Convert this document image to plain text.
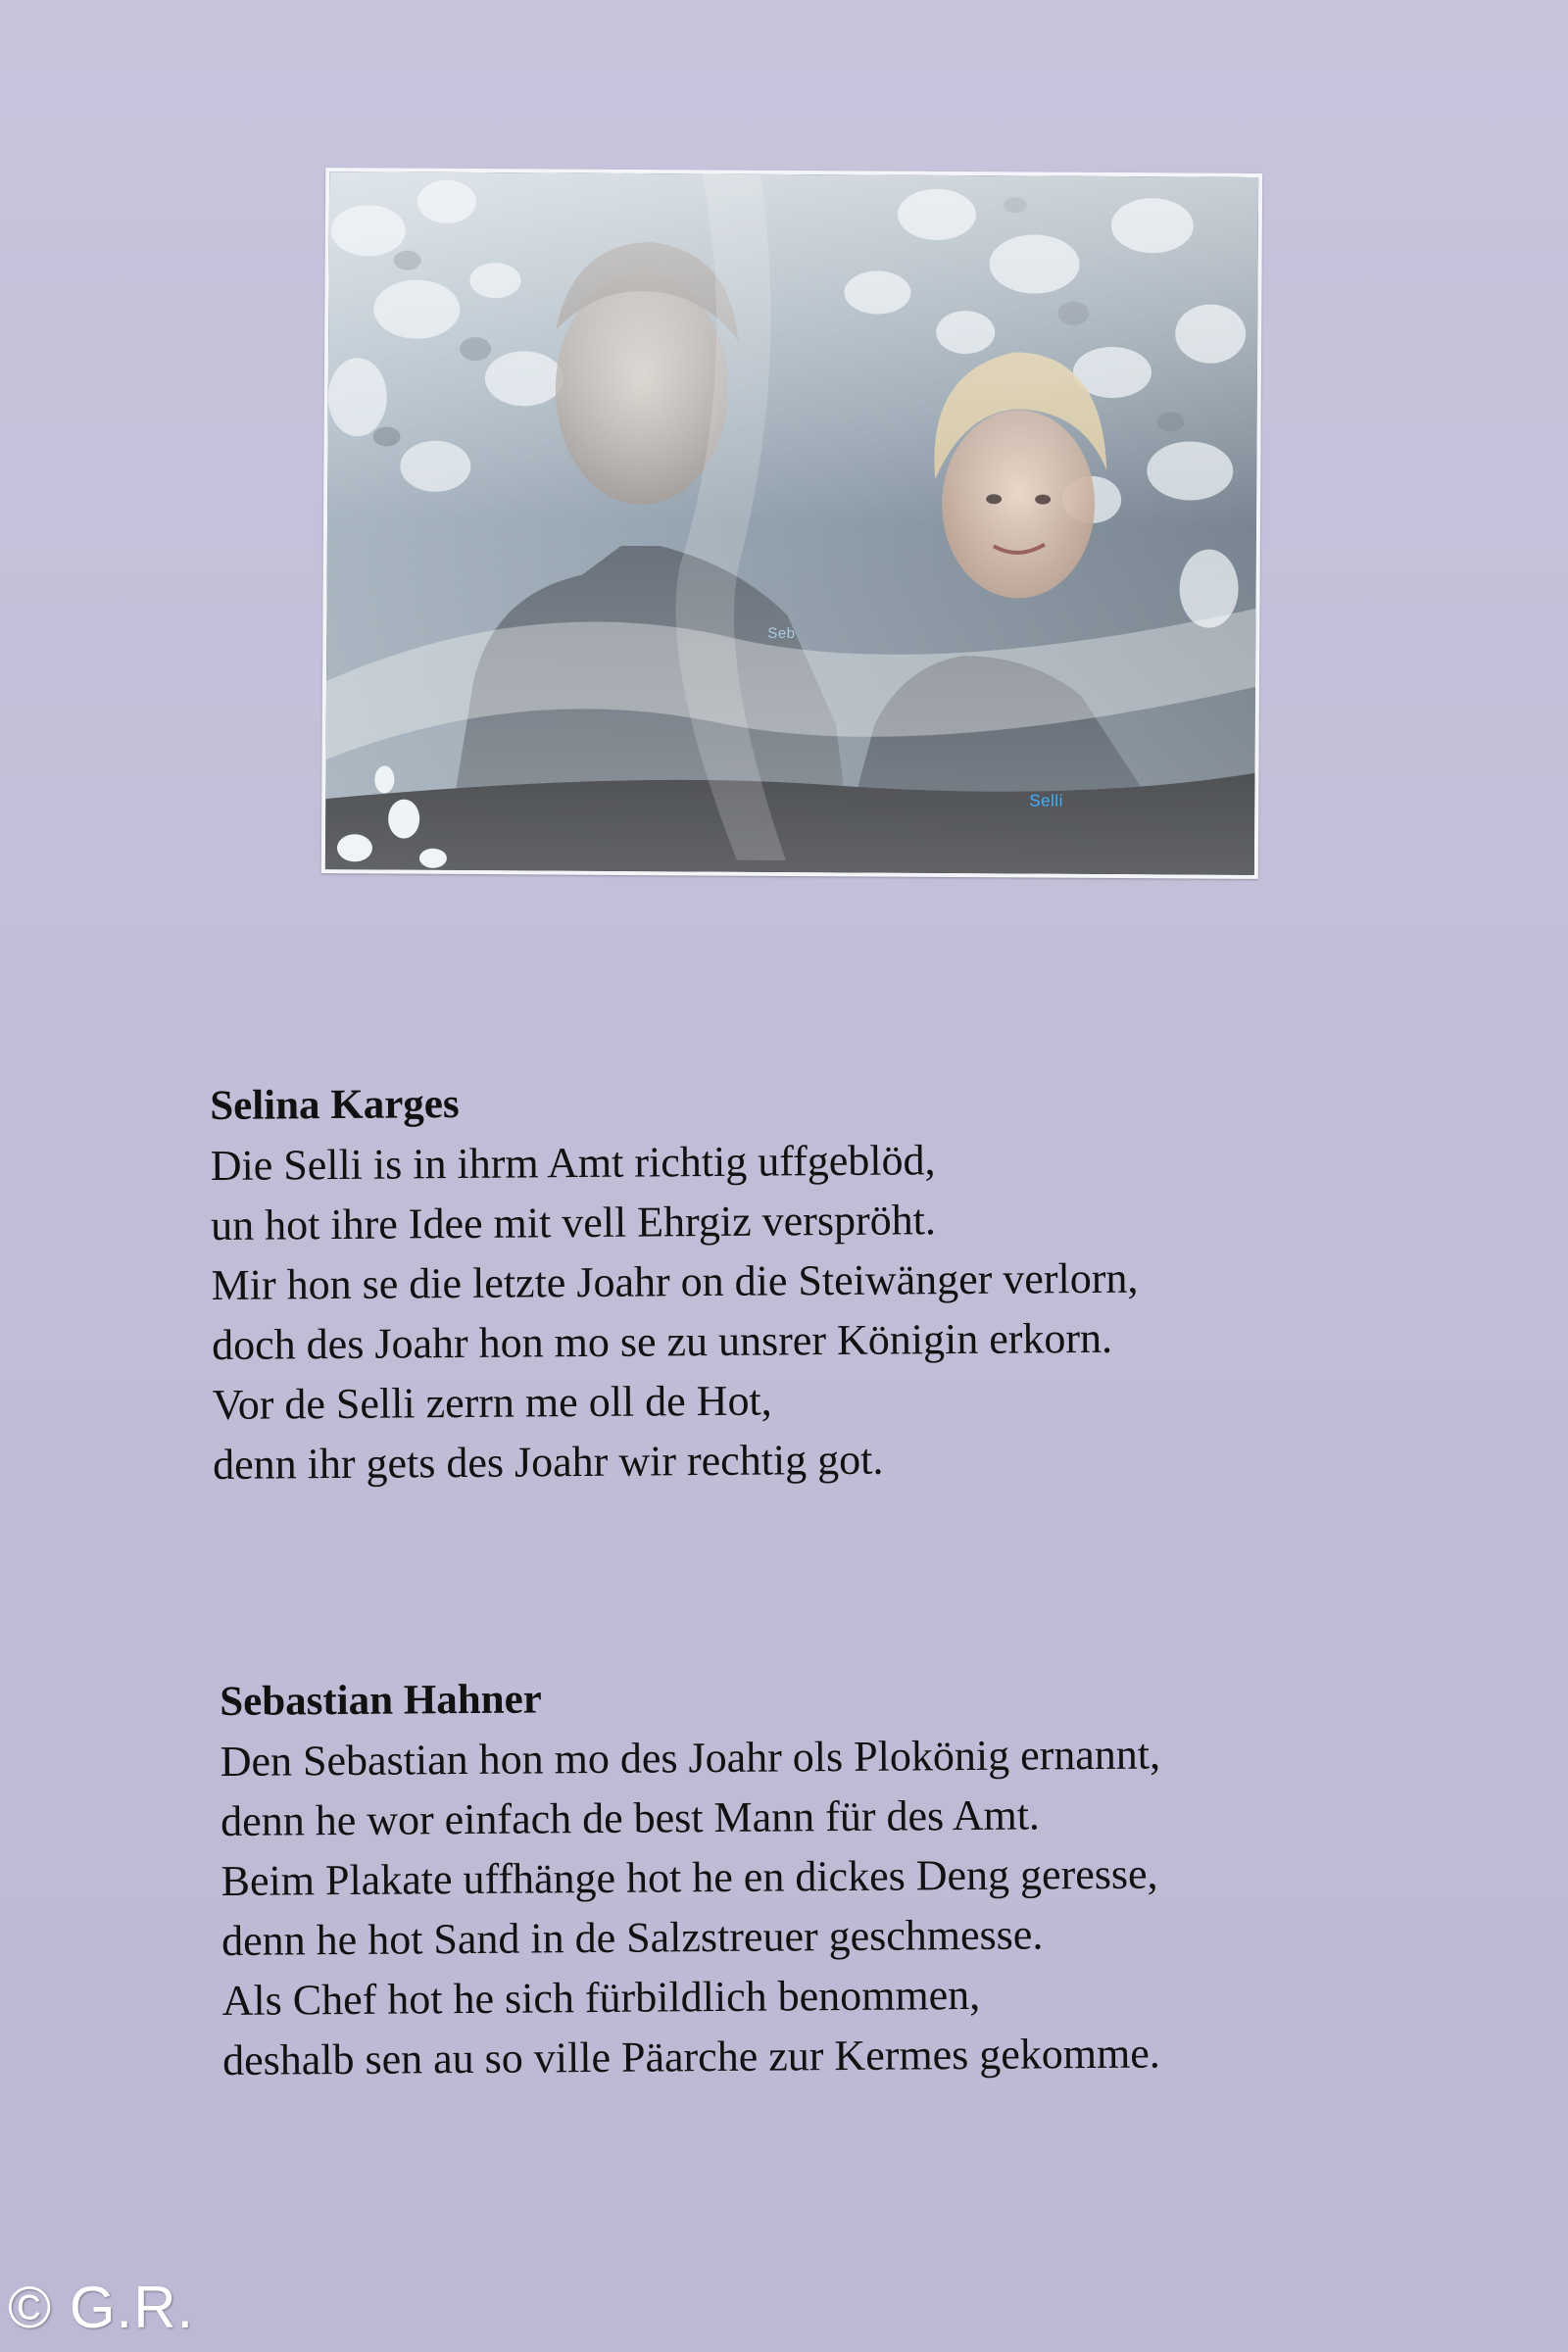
Seb
Selli
Selina Karges
Die Selli is in ihrm Amt richtig uffgeblöd,
un hot ihre Idee mit vell Ehrgiz verspröht.
Mir hon se die letzte Joahr on die Steiwänger verlorn,
doch des Joahr hon mo se zu unsrer Königin erkorn.
Vor de Selli zerrn me oll de Hot,
denn ihr gets des Joahr wir rechtig got.
Sebastian Hahner
Den Sebastian hon mo des Joahr ols Plokönig ernannt,
denn he wor einfach de best Mann für des Amt.
Beim Plakate uffhänge hot he en dickes Deng geresse,
denn he hot Sand in de Salzstreuer geschmesse.
Als Chef hot he sich fürbildlich benommen,
deshalb sen au so ville Päarche zur Kermes gekomme.
© G.R.
